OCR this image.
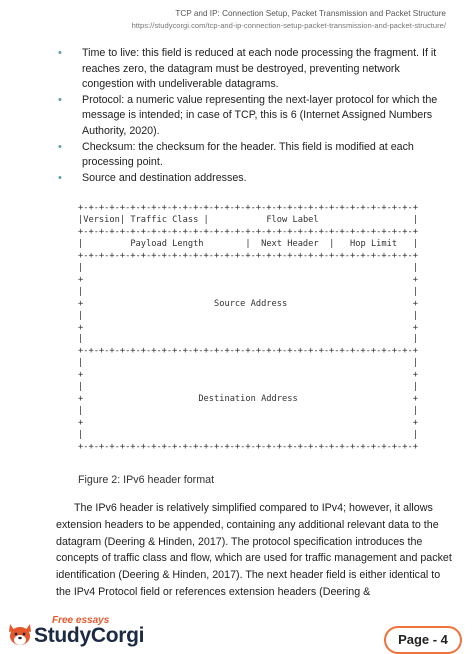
TCP and IP: Connection Setup, Packet Transmission and Packet Structure
https://studycorgi.com/tcp-and-ip-connection-setup-packet-transmission-and-packet-structure/
• Time to live: this field is reduced at each node processing the fragment. If it reaches zero, the datagram must be destroyed, preventing network congestion with undeliverable datagrams.
• Protocol: a numeric value representing the next-layer protocol for which the message is intended; in case of TCP, this is 6 (Internet Assigned Numbers Authority, 2020).
• Checksum: the checksum for the header. This field is modified at each processing point.
• Source and destination addresses.
+-+-+-+-+-+-+-+-+-+-+-+-+-+-+-+-+-+-+-+-+-+-+-+-+-+-+-+-+-+-+-+-+
|Version| Traffic Class |           Flow Label	|
+-+-+-+-+-+-+-+-+-+-+-+-+-+-+-+-+-+-+-+-+-+-+-+-+-+-+-+-+-+-+-+-+
|	Payload Length        |  Next Header  |   Hop Limit   |
+-+-+-+-+-+-+-+-+-+-+-+-+-+-+-+-+-+-+-+-+-+-+-+-+-+-+-+-+-+-+-+-+
|                                                               |
+                                                               +
|                                                               |
+	Source Address	+
|                                                               |
+                                                               +
|                                                               |
+-+-+-+-+-+-+-+-+-+-+-+-+-+-+-+-+-+-+-+-+-+-+-+-+-+-+-+-+-+-+-+-+
|                                                               |
+                                                               +
|                                                               |
+	Destination Address	+
|                                                               |
+                                                               +
|                                                               |
+-+-+-+-+-+-+-+-+-+-+-+-+-+-+-+-+-+-+-+-+-+-+-+-+-+-+-+-+-+-+-+-+
Figure 2: IPv6 header format

The IPv6 header is relatively simplified compared to IPv4; however, it allows extension headers to be appended, containing any additional relevant data to the datagram (Deering & Hinden, 2017). The protocol specification introduces the concepts of traffic class and flow, which are used for traffic management and packet identification (Deering & Hinden, 2017). The next header field is either identical to the IPv4 Protocol field or references extension headers (Deering &

Free essays
StudyCorgi	Page - 4
